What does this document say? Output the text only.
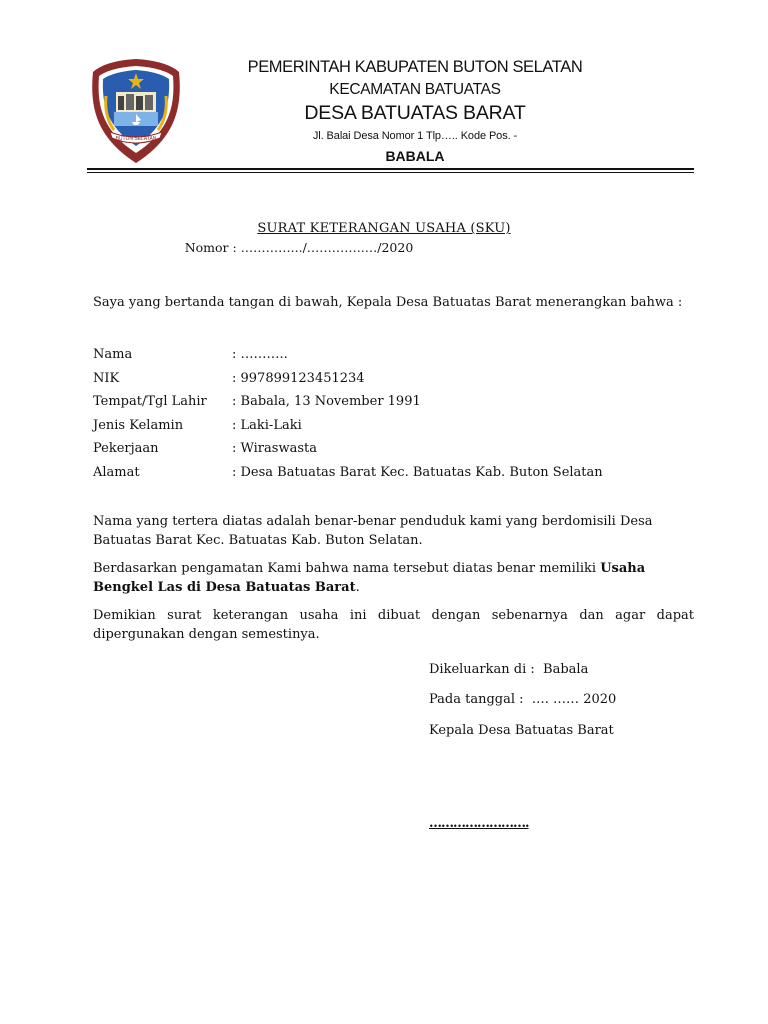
BUTON SELATAN
PEMERINTAH KABUPATEN BUTON SELATAN
KECAMATAN BATUATAS
DESA BATUATAS BARAT
Jl. Balai Desa Nomor 1 Tlp….. Kode Pos. -
BABALA
SURAT KETERANGAN USAHA (SKU)
Nomor : ………….../…………..…/2020

Saya yang bertanda tangan di bawah, Kepala Desa Batuatas Barat menerangkan bahwa :

Nama	: ………..
NIK	: 997899123451234
Tempat/Tgl Lahir : Babala, 13 November 1991
Jenis Kelamin	: Laki-Laki
Pekerjaan	: Wiraswasta
Alamat	: Desa Batuatas Barat Kec. Batuatas Kab. Buton Selatan

Nama yang tertera diatas adalah benar-benar penduduk kami yang berdomisili Desa Batuatas Barat Kec. Batuatas Kab. Buton Selatan.

Berdasarkan pengamatan Kami bahwa nama tersebut diatas benar memiliki Usaha Bengkel Las di Desa Batuatas Barat.

Demikian surat keterangan usaha ini dibuat dengan sebenarnya dan agar dapat dipergunakan dengan semestinya.

Dikeluarkan di : Babala
Pada tanggal : …. …… 2020
Kepala Desa Batuatas Barat
…………………….
